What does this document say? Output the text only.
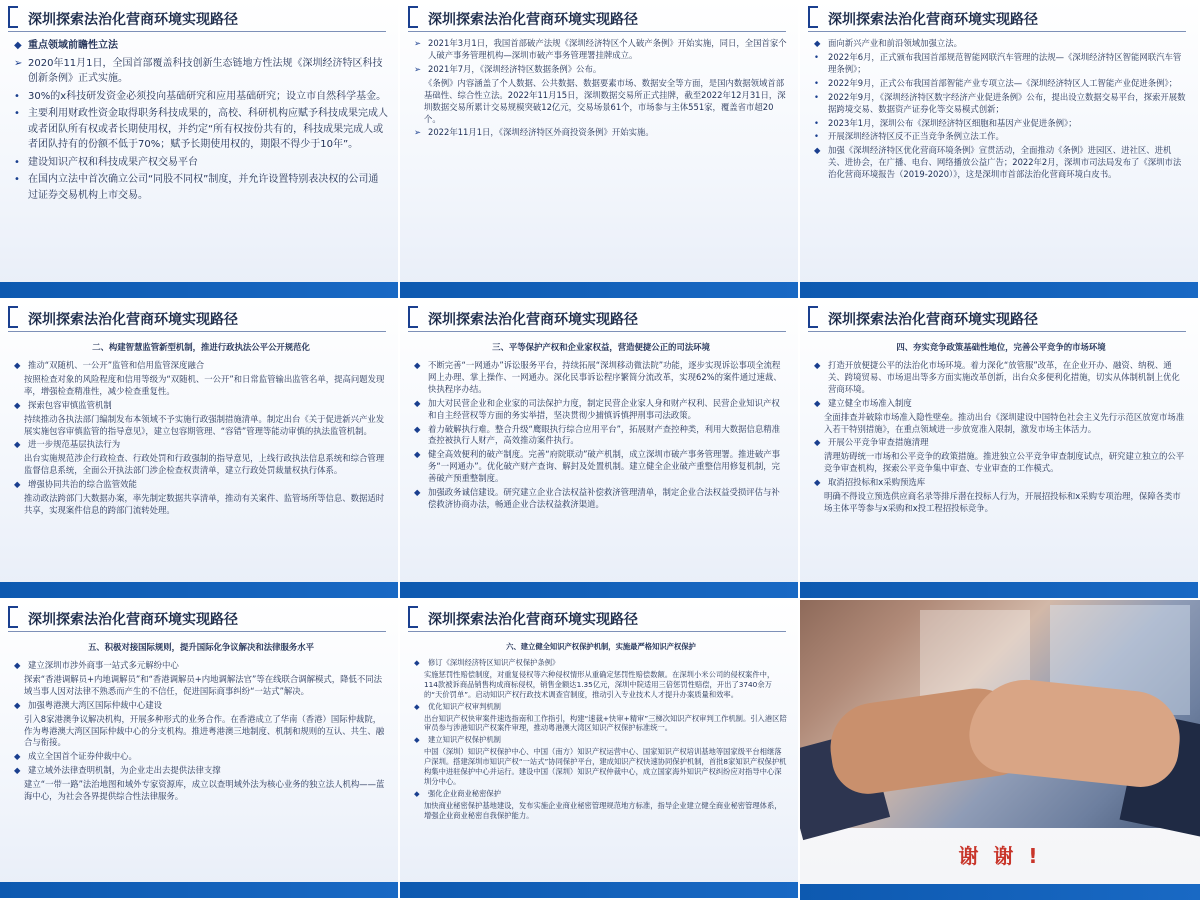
深圳探索法治化营商环境实现路径
◆ 重点领域前瞻性立法
➢ 2020年11月1日，全国首部覆盖科技创新生态链地方性法规《深圳经济特区科技创新条例》正式实施。
• 30%的x科技研发资金必须投向基础研究和应用基础研究；设立市自然科学基金。
• 主要利用财政性资金取得职务科技成果的，高校、科研机构应赋予科技成果完成人或者团队所有权或者长期使用权，并约定“所有权按份共有的，科技成果完成人或者团队持有的份额不低于70%；赋予长期使用权的，期限不得少于10年”。
• 建设知识产权和科技成果产权交易平台
• 在国内立法中首次确立公司“同股不同权”制度，并允许设置特别表决权的公司通过证券交易机构上市交易。
深圳探索法治化营商环境实现路径
➢ 2021年3月1日，我国首部破产法规《深圳经济特区个人破产条例》开始实施，同日，全国首家个人破产事务管理机构—深圳市破产事务管理署挂牌成立。
➢ 2021年7月，《深圳经济特区数据条例》公布。
《条例》内容涵盖了个人数据、公共数据、数据要素市场、数据安全等方面，是国内数据领域首部基础性、综合性立法。2022年11月15日，深圳数据交易所正式挂牌，截至2022年12月31日，深圳数据交易所累计交易规模突破12亿元，交易场景61个，市场参与主体551家，覆盖省市超20个。
➢ 2022年11月1日，《深圳经济特区外商投资条例》开始实施。
深圳探索法治化营商环境实现路径
◆ 面向新兴产业和前沿领域加强立法。
• 2022年6月，正式颁布我国首部规范智能网联汽车管理的法规—《深圳经济特区智能网联汽车管理条例》；
• 2022年9月，正式公布我国首部智能产业专项立法—《深圳经济特区人工智能产业促进条例》；
• 2022年9月，《深圳经济特区数字经济产业促进条例》公布，提出设立数据交易平台，探索开展数据跨境交易、数据资产证券化等交易模式创新；
• 2023年1月，深圳公布《深圳经济特区细胞和基因产业促进条例》；
• 开展深圳经济特区反不正当竞争条例立法工作。
◆ 加强《深圳经济特区优化营商环境条例》宣贯活动，全面推动《条例》进园区、进社区、进机关、进协会，在广播、电台、网络播放公益广告；2022年2月，深圳市司法局发布了《深圳市法治化营商环境报告（2019-2020）》，这是深圳市首部法治化营商环境白皮书。
深圳探索法治化营商环境实现路径
二、构建智慧监管新型机制，推进行政执法公平公开规范化
◆ 推动“双随机、一公开”监管和信用监管深度融合
按照检查对象的风险程度和信用等级为“双随机、一公开”和日常监管输出监管名单，提高问题发现率，增强检查精准性，减少检查重复性。
◆ 探索包容审慎监管机制
持续推动各执法部门编制发布本领域不予实施行政强制措施清单。制定出台《关于促进新兴产业发展实施包容审慎监管的指导意见》，建立包容期管理、“容错”管理等能动审慎的执法监管机制。
◆ 进一步规范基层执法行为
出台实施规范涉企行政检查、行政处罚和行政强制的指导意见，上线行政执法信息系统和综合管理监督信息系统，全面公开执法部门涉企检查权责清单，建立行政处罚裁量权执行体系。
◆ 增强协同共治的综合监管效能
推动政法跨部门大数据办案，率先制定数据共享清单，推动有关案件、监管场所等信息、数据适时共享，实现案件信息的跨部门流转处理。
深圳探索法治化营商环境实现路径
三、平等保护产权和企业家权益，营造便捷公正的司法环境
◆ 不断完善“一网通办”诉讼服务平台，持续拓展“深圳移动微法院”功能，逐步实现诉讼事项全流程网上办理、掌上操作、一网通办。深化民事诉讼程序繁简分流改革，实现62%的案件通过速裁、快执程序办结。
◆ 加大对民营企业和企业家的司法保护力度，制定民营企业家人身和财产权利、民营企业知识产权和自主经营权等方面的务实举措，坚决贯彻少捕慎诉慎押刑事司法政策。
◆ 着力破解执行难。整合升级“鹰眼执行综合应用平台”，拓展财产查控种类，利用大数据信息精准查控被执行人财产，高效推动案件执行。
◆ 健全高效便利的破产制度。完善“府院联动”破产机制，成立深圳市破产事务管理署。推进破产事务“一网通办”。优化破产财产查询、解封及处置机制。建立健全企业破产重整信用修复机制，完善破产预重整制度。
◆ 加强政务诚信建设。研究建立企业合法权益补偿救济管理清单，制定企业合法权益受损评估与补偿救济协商办法，畅通企业合法权益救济渠道。
深圳探索法治化营商环境实现路径
四、夯实竞争政策基础性地位，完善公平竞争的市场环境
◆ 打造开放便捷公平的法治化市场环境。着力深化“放管服”改革，在企业开办、融资、纳税、通关、跨境贸易、市场退出等多方面实施改革创新，出台众多便利化措施，切实从体制机制上优化营商环境。
◆ 建立健全市场准入制度
全面排查并破除市场准入隐性壁垒。推动出台《深圳建设中国特色社会主义先行示范区放宽市场准入若干特别措施》，在重点领域进一步放宽准入限制，激发市场主体活力。
◆ 开展公平竞争审查措施清理
清理妨碍统一市场和公平竞争的政策措施。推进独立公平竞争审查制度试点，研究建立独立的公平竞争审查机构，探索公平竞争集中审查、专业审查的工作模式。
◆ 取消招投标和x采购预选库
明确不得设立预选供应商名录等排斥潜在投标人行为，开展招投标和x采购专项治理，保障各类市场主体平等参与x采购和x投工程招投标竞争。
深圳探索法治化营商环境实现路径
五、积极对接国际规则，提升国际化争议解决和法律服务水平
◆ 建立深圳市涉外商事一站式多元解纷中心
探索“香港调解员+内地调解员”和“香港调解员+内地调解法官”等在线联合调解模式，降低不同法域当事人因对法律不熟悉而产生的不信任，促进国际商事纠纷“一站式”解决。
◆ 加强粤港澳大湾区国际仲裁中心建设
引入8家港澳争议解决机构，开展多种形式的业务合作。在香港成立了华南（香港）国际仲裁院，作为粤港澳大湾区国际仲裁中心的分支机构。推进粤港澳三地制度、机制和规则的互认、共生、融合与衔接。
◆ 成立全国首个证券仲裁中心。
◆ 建立域外法律查明机制，为企业走出去提供法律支撑
建立“一带一路”法治地图和域外专家资源库，成立以查明域外法为核心业务的独立法人机构——蓝海中心，为社会各界提供综合性法律服务。
深圳探索法治化营商环境实现路径
六、建立健全知识产权保护机制，实施最严格知识产权保护
◆ 修订《深圳经济特区知识产权保护条例》
实施惩罚性赔偿制度，对重复侵权等六种侵权情形从重确定惩罚性赔偿数额。在深圳小米公司的侵权案件中，114款被诉商品销售构成商标侵权，销售金额达1.35亿元，深圳中院适用三倍惩罚性赔偿，开出了3740余万的“天价罚单”。启动知识产权行政技术调查官制度，推动引入专业技术人才提升办案质量和效率。
◆ 优化知识产权审判机制
出台知识产权快审案件速选指南和工作指引，构建“速裁+快审+精审”三梯次知识产权审判工作机制。引入港区陪审员参与涉港知识产权案件审理，推动粤港澳大湾区知识产权保护标准统一。
◆ 建立知识产权保护机制
中国（深圳）知识产权保护中心、中国（南方）知识产权运营中心、国家知识产权培训基地等国家级平台相继落户深圳。搭建深圳市知识产权“一站式”协同保护平台，建成知识产权快速协同保护机制，首批8家知识产权保护机构集中进驻保护中心并运行。建设中国（深圳）知识产权仲裁中心，成立国家海外知识产权纠纷应对指导中心深圳分中心。
◆ 强化企业商业秘密保护
加快商业秘密保护基地建设，发布实施企业商业秘密管理规范地方标准，指导企业建立健全商业秘密管理体系，增强企业商业秘密自我保护能力。
谢 谢 !
